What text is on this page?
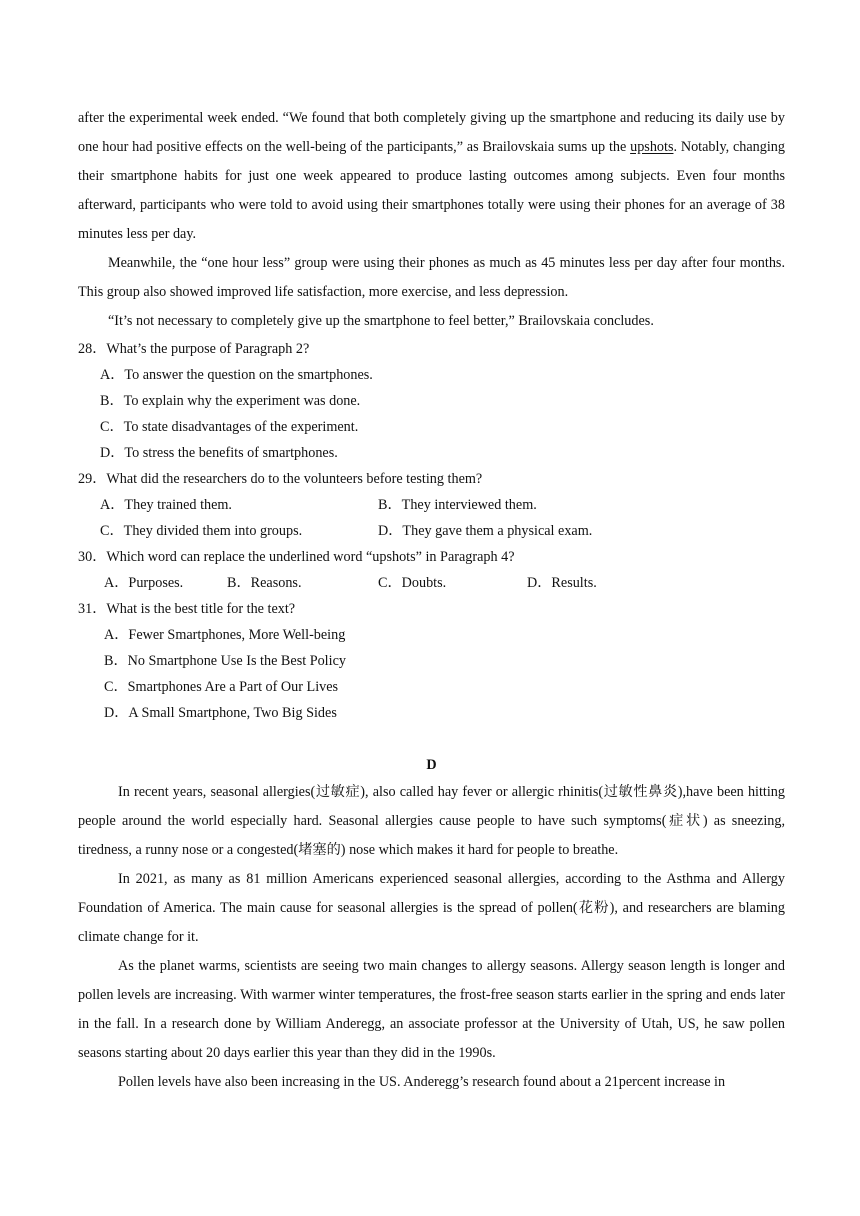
after the experimental week ended. “We found that both completely giving up the smartphone and reducing its daily use by one hour had positive effects on the well-being of the participants,” as Brailovskaia sums up the upshots. Notably, changing their smartphone habits for just one week appeared to produce lasting outcomes among subjects. Even four months afterward, participants who were told to avoid using their smartphones totally were using their phones for an average of 38 minutes less per day.

Meanwhile, the “one hour less” group were using their phones as much as 45 minutes less per day after four months. This group also showed improved life satisfaction, more exercise, and less depression.

“It’s not necessary to completely give up the smartphone to feel better,” Brailovskaia concludes.

28．What’s the purpose of Paragraph 2?
A．To answer the question on the smartphones.
B．To explain why the experiment was done.
C．To state disadvantages of the experiment.
D．To stress the benefits of smartphones.
29．What did the researchers do to the volunteers before testing them?
A．They trained them.	B．They interviewed them.
C．They divided them into groups.	D．They gave them a physical exam.
30．Which word can replace the underlined word “upshots” in Paragraph 4?
A．Purposes.	B．Reasons.	C．Doubts.	D．Results.
31．What is the best title for the text?
A．Fewer Smartphones, More Well-being
B．No Smartphone Use Is the Best Policy
C．Smartphones Are a Part of Our Lives
D．A Small Smartphone, Two Big Sides
D

In recent years, seasonal allergies(过敏症), also called hay fever or allergic rhinitis(过敏性鼻炎),have been hitting people around the world especially hard. Seasonal allergies cause people to have such symptoms(症状) as sneezing, tiredness, a runny nose or a congested(堵塞的) nose which makes it hard for people to breathe.

In 2021, as many as 81 million Americans experienced seasonal allergies, according to the Asthma and Allergy Foundation of America. The main cause for seasonal allergies is the spread of pollen(花粉), and researchers are blaming climate change for it.

As the planet warms, scientists are seeing two main changes to allergy seasons. Allergy season length is longer and pollen levels are increasing. With warmer winter temperatures, the frost-free season starts earlier in the spring and ends later in the fall. In a research done by William Anderegg, an associate professor at the University of Utah, US, he saw pollen seasons starting about 20 days earlier this year than they did in the 1990s.

Pollen levels have also been increasing in the US. Anderegg’s research found about a 21percent increase in
